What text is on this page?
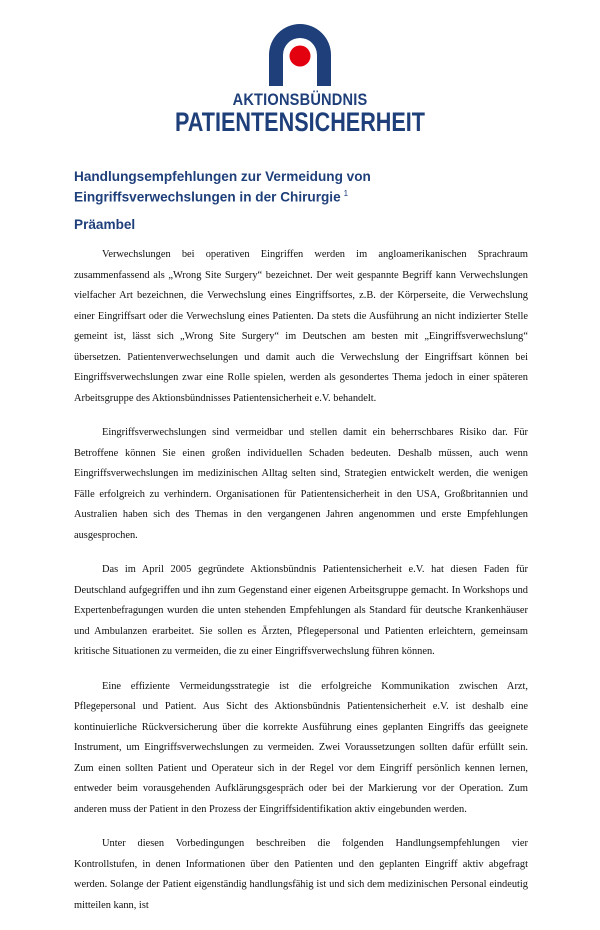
AKTIONSBÜNDNIS
PATIENTENSICHERHEIT
Handlungsempfehlungen zur Vermeidung von
Eingriffsverwechslungen in der Chirurgie $^1$
Präambel

Verwechslungen bei operativen Eingriffen werden im angloamerikanischen Sprachraum zusammenfassend als „Wrong Site Surgery“ bezeichnet. Der weit gespannte Begriff kann Verwechslungen vielfacher Art bezeichnen, die Verwechslung eines Eingriffsortes, z.B. der Körperseite, die Verwechslung einer Eingriffsart oder die Verwechslung eines Patienten. Da stets die Ausführung an nicht indizierter Stelle gemeint ist, lässt sich „Wrong Site Surgery“ im Deutschen am besten mit „Eingriffsverwechslung“ übersetzen. Patientenverwechselungen und damit auch die Verwechslung der Eingriffsart können bei Eingriffsverwechslungen zwar eine Rolle spielen, werden als gesondertes Thema jedoch in einer späteren Arbeitsgruppe des Aktionsbündnisses Patientensicherheit e.V. behandelt.

Eingriffsverwechslungen sind vermeidbar und stellen damit ein beherrschbares Risiko dar. Für Betroffene können Sie einen großen individuellen Schaden bedeuten. Deshalb müssen, auch wenn Eingriffsverwechslungen im medizinischen Alltag selten sind, Strategien entwickelt werden, die wenigen Fälle erfolgreich zu verhindern. Organisationen für Patientensicherheit in den USA, Großbritannien und Australien haben sich des Themas in den vergangenen Jahren angenommen und erste Empfehlungen ausgesprochen.

Das im April 2005 gegründete Aktionsbündnis Patientensicherheit e.V. hat diesen Faden für Deutschland aufgegriffen und ihn zum Gegenstand einer eigenen Arbeitsgruppe gemacht. In Workshops und Expertenbefragungen wurden die unten stehenden Empfehlungen als Standard für deutsche Krankenhäuser und Ambulanzen erarbeitet. Sie sollen es Ärzten, Pflegepersonal und Patienten erleichtern, gemeinsam kritische Situationen zu vermeiden, die zu einer Eingriffsverwechslung führen können.

Eine effiziente Vermeidungsstrategie ist die erfolgreiche Kommunikation zwischen Arzt, Pflegepersonal und Patient. Aus Sicht des Aktionsbündnis Patientensicherheit e.V. ist deshalb eine kontinuierliche Rückversicherung über die korrekte Ausführung eines geplanten Eingriffs das geeignete Instrument, um Eingriffsverwechslungen zu vermeiden. Zwei Voraussetzungen sollten dafür erfüllt sein. Zum einen sollten Patient und Operateur sich in der Regel vor dem Eingriff persönlich kennen lernen, entweder beim vorausgehenden Aufklärungsgespräch oder bei der Markierung vor der Operation. Zum anderen muss der Patient in den Prozess der Eingriffsidentifikation aktiv eingebunden werden.

Unter diesen Vorbedingungen beschreiben die folgenden Handlungsempfehlungen vier Kontrollstufen, in denen Informationen über den Patienten und den geplanten Eingriff aktiv abgefragt werden. Solange der Patient eigenständig handlungsfähig ist und sich dem medizinischen Personal eindeutig mitteilen kann, ist
